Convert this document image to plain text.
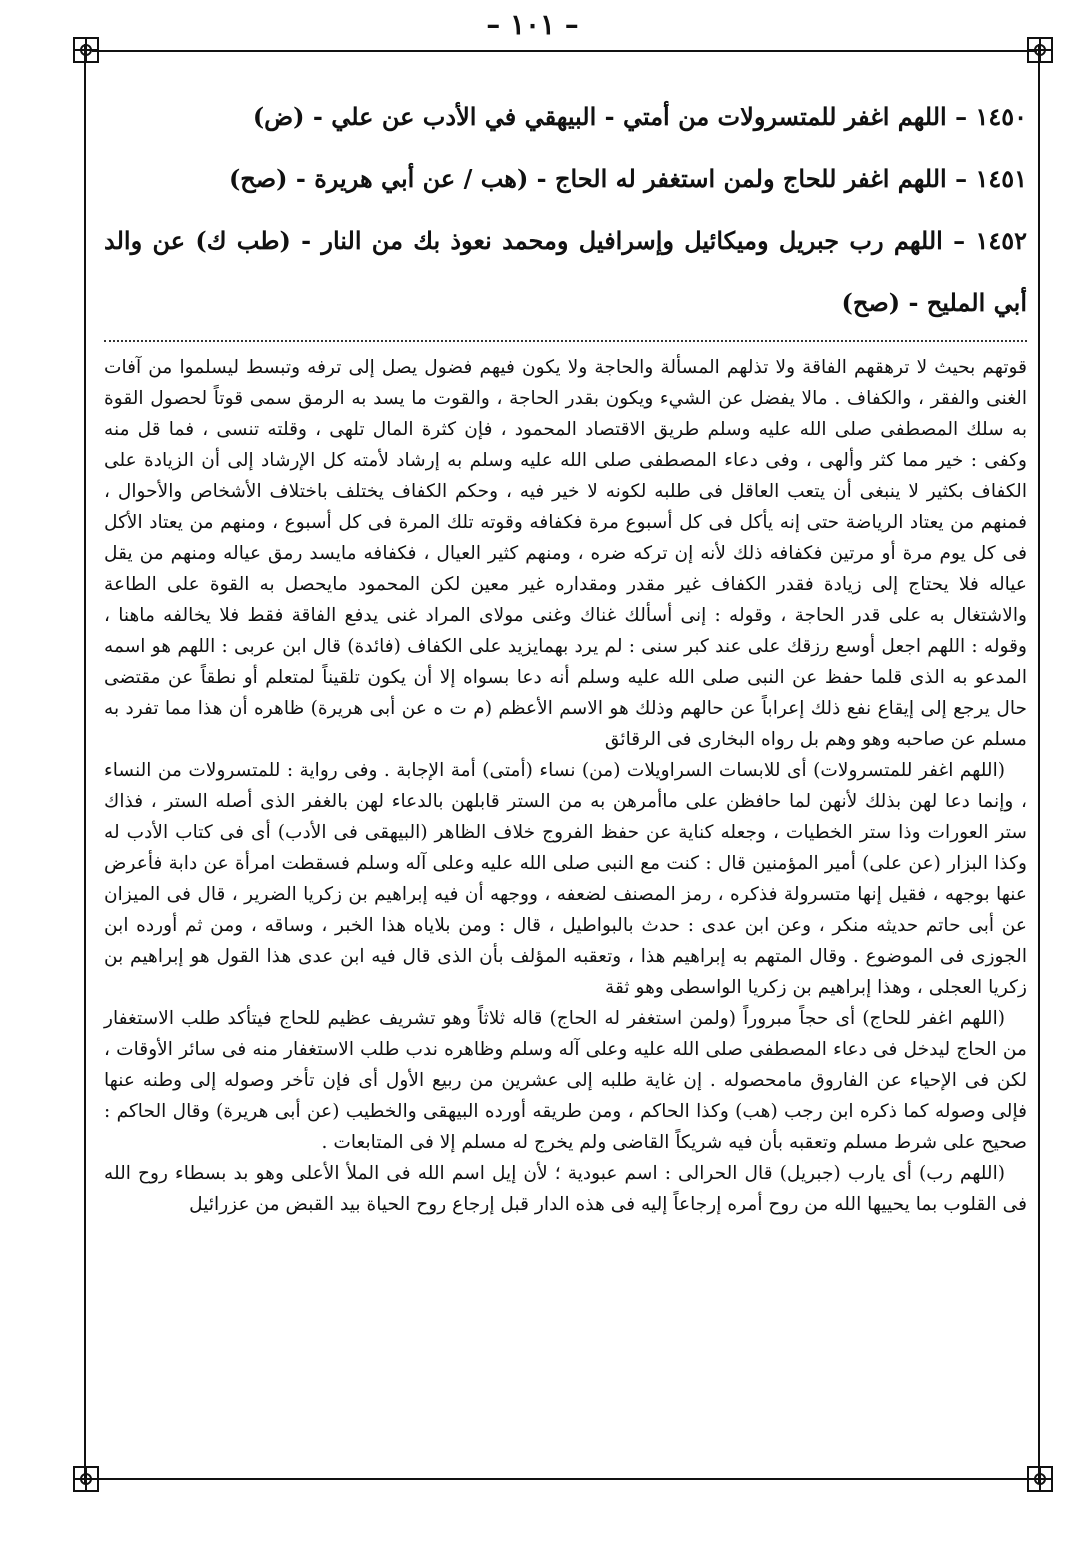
– ١٠١ –

١٤٥٠ – اللهم اغفر للمتسرولات من أمتي - البيهقي في الأدب عن علي - (ض)

١٤٥١ – اللهم اغفر للحاج ولمن استغفر له الحاج - (هب / عن أبي هريرة - (صح)

١٤٥٢ – اللهم رب جبريل وميكائيل وإسرافيل ومحمد نعوذ بك من النار - (طب ك) عن والد أبي المليح - (صح)

قوتهم بحيث لا ترهقهم الفاقة ولا تذلهم المسألة والحاجة ولا يكون فيهم فضول يصل إلى ترفه وتبسط ليسلموا من آفات الغنى والفقر ، والكفاف . مالا يفضل عن الشيء ويكون بقدر الحاجة ، والقوت ما يسد به الرمق سمى قوتاً لحصول القوة به سلك المصطفى صلى الله عليه وسلم طريق الاقتصاد المحمود ، فإن كثرة المال تلهى ، وقلته تنسى ، فما قل منه وكفى : خير مما كثر وألهى ، وفى دعاء المصطفى صلى الله عليه وسلم به إرشاد لأمته كل الإرشاد إلى أن الزيادة على الكفاف بكثير لا ينبغى أن يتعب العاقل فى طلبه لكونه لا خير فيه ، وحكم الكفاف يختلف باختلاف الأشخاص والأحوال ، فمنهم من يعتاد الرياضة حتى إنه يأكل فى كل أسبوع مرة فكفافه وقوته تلك المرة فى كل أسبوع ، ومنهم من يعتاد الأكل فى كل يوم مرة أو مرتين فكفافه ذلك لأنه إن تركه ضره ، ومنهم كثير العيال ، فكفافه مايسد رمق عياله ومنهم من يقل عياله فلا يحتاج إلى زيادة فقدر الكفاف غير مقدر ومقداره غير معين لكن المحمود مايحصل به القوة على الطاعة والاشتغال به على قدر الحاجة ، وقوله : إنى أسألك غناك وغنى مولاى المراد غنى يدفع الفاقة فقط فلا يخالفه ماهنا ، وقوله : اللهم اجعل أوسع رزقك على عند كبر سنى : لم يرد بهمايزيد على الكفاف (فائدة) قال ابن عربى : اللهم هو اسمه المدعو به الذى قلما حفظ عن النبى صلى الله عليه وسلم أنه دعا بسواه إلا أن يكون تلقيناً لمتعلم أو نطقاً عن مقتضى حال يرجع إلى إيقاع نفع ذلك إعراباً عن حالهم وذلك هو الاسم الأعظم (م ت ه عن أبى هريرة) ظاهره أن هذا مما تفرد به مسلم عن صاحبه وهو وهم بل رواه البخارى فى الرقائق

(اللهم اغفر للمتسرولات) أى للابسات السراويلات (من) نساء (أمتى) أمة الإجابة . وفى رواية : للمتسرولات من النساء ، وإنما دعا لهن بذلك لأنهن لما حافظن على ماأمرهن به من الستر قابلهن بالدعاء لهن بالغفر الذى أصله الستر ، فذاك ستر العورات وذا ستر الخطيات ، وجعله كناية عن حفظ الفروج خلاف الظاهر (البيهقى فى الأدب) أى فى كتاب الأدب له وكذا البزار (عن على) أمير المؤمنين قال : كنت مع النبى صلى الله عليه وعلى آله وسلم فسقطت امرأة عن دابة فأعرض عنها بوجهه ، فقيل إنها متسرولة فذكره ، رمز المصنف لضعفه ، ووجهه أن فيه إبراهيم بن زكريا الضرير ، قال فى الميزان عن أبى حاتم حديثه منكر ، وعن ابن عدى : حدث بالبواطيل ، قال : ومن بلاياه هذا الخبر ، وساقه ، ومن ثم أورده ابن الجوزى فى الموضوع . وقال المتهم به إبراهيم هذا ، وتعقبه المؤلف بأن الذى قال فيه ابن عدى هذا القول هو إبراهيم بن زكريا العجلى ، وهذا إبراهيم بن زكريا الواسطى وهو ثقة

(اللهم اغفر للحاج) أى حجاً مبروراً (ولمن استغفر له الحاج) قاله ثلاثاً وهو تشريف عظيم للحاج فيتأكد طلب الاستغفار من الحاج ليدخل فى دعاء المصطفى صلى الله عليه وعلى آله وسلم وظاهره ندب طلب الاستغفار منه فى سائر الأوقات ، لكن فى الإحياء عن الفاروق مامحصوله . إن غاية طلبه إلى عشرين من ربيع الأول أى فإن تأخر وصوله إلى وطنه عنها فإلى وصوله كما ذكره ابن رجب (هب) وكذا الحاكم ، ومن طريقه أورده البيهقى والخطيب (عن أبى هريرة) وقال الحاكم : صحيح على شرط مسلم وتعقبه بأن فيه شريكاً القاضى ولم يخرج له مسلم إلا فى المتابعات .

(اللهم رب) أى يارب (جبريل) قال الحرالى : اسم عبودية ؛ لأن إيل اسم الله فى الملأ الأعلى وهو بد بسطاء روح الله فى القلوب بما يحييها الله من روح أمره إرجاعاً إليه فى هذه الدار قبل إرجاع روح الحياة بيد القبض من عزرائيل
